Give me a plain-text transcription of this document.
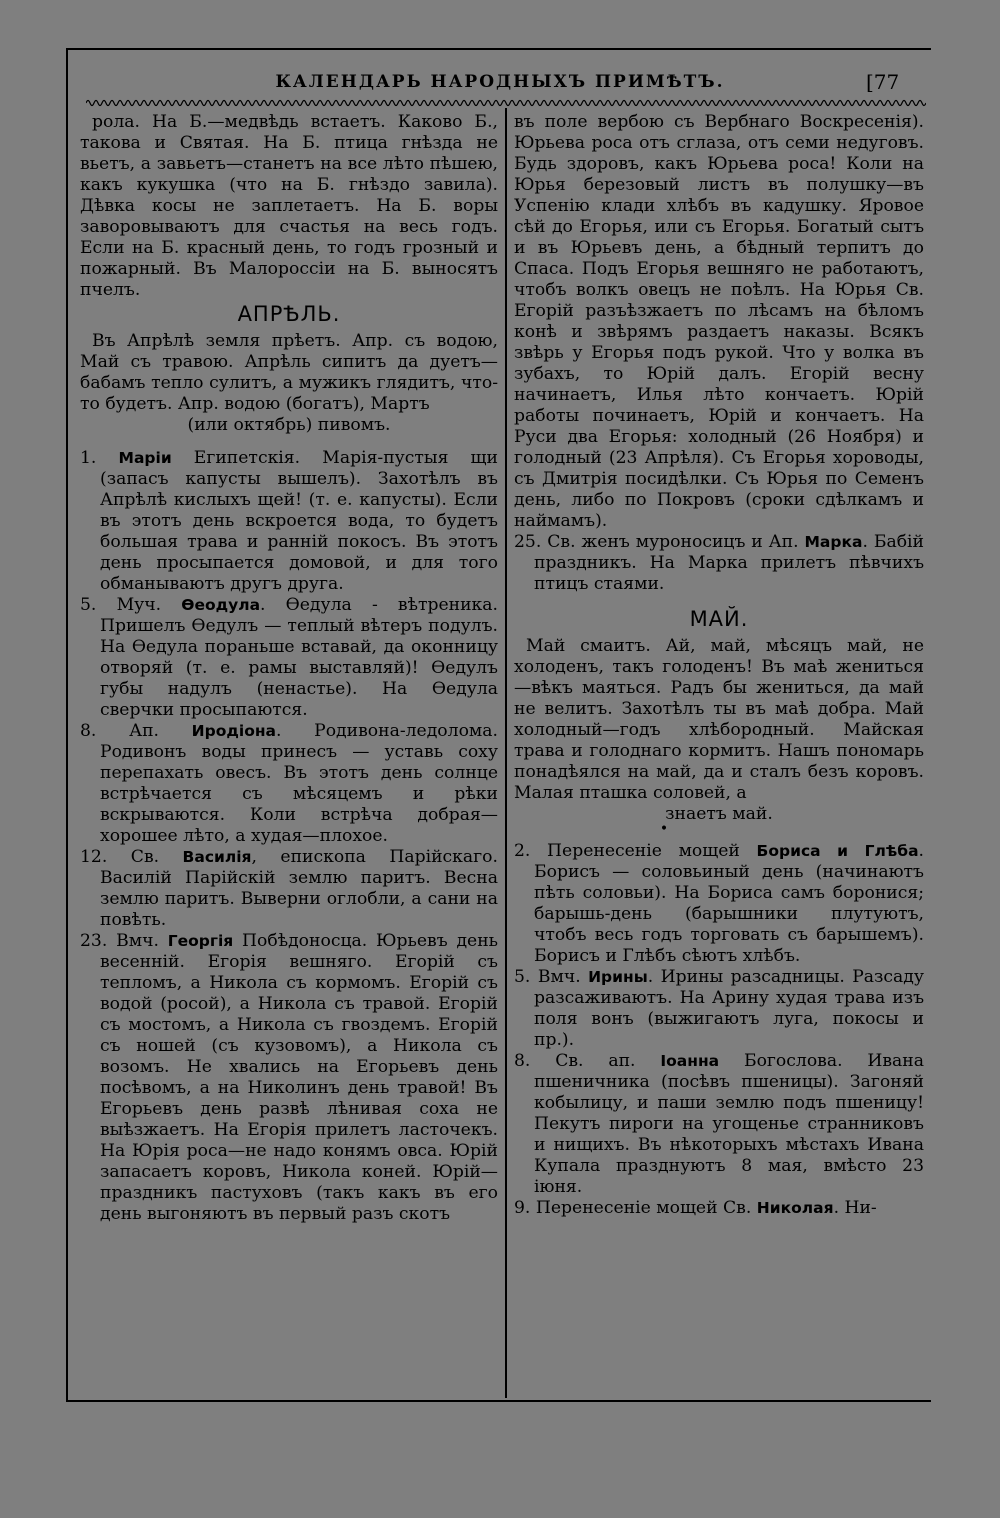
КАЛЕНДАРЬ НАРОДНЫХЪ ПРИМѢТЪ.	[77

рола. На Б.—медвѣдь встаетъ. Каково Б., такова и Святая. На Б. птица гнѣзда не вьетъ, а завьетъ—станетъ на все лѣто пѣшею, какъ кукушка (что на Б. гнѣздо завила). Дѣвка косы не заплетаетъ. На Б. воры заворовываютъ для счастья на весь годъ. Если на Б. красный день, то годъ грозный и пожарный. Въ Малороссіи на Б. выносятъ пчелъ.

АПРѢЛЬ.

Въ Апрѣлѣ земля прѣетъ. Апр. съ водою, Май съ травою. Апрѣль сипитъ да дуетъ—бабамъ тепло сулитъ, а мужикъ глядитъ, что-то будетъ. Апр. водою (богатъ), Мартъ

(или октябрь) пивомъ.

1. Маріи Египетскія. Марія-пустыя щи (запасъ капусты вышелъ). Захотѣлъ въ Апрѣлѣ кислыхъ щей! (т. е. капусты). Если въ этотъ день вскроется вода, то будетъ большая трава и раннiй покосъ. Въ этотъ день просыпается домовой, и для того обманываютъ другъ друга.

5. Муч. Ѳеодула. Ѳедула - вѣтреника. Пришелъ Ѳедулъ — теплый вѣтеръ подулъ. На Ѳедула пораньше вставай, да оконницу отворяй (т. е. рамы выставляй)! Ѳедулъ губы надулъ (ненастье). На Ѳедула сверчки просыпаются.

8. Ап. Иродіона. Родивона-ледолома. Родивонъ воды принесъ — уставь соху перепахать овесъ. Въ этотъ день солнце встрѣчается съ мѣсяцемъ и рѣки вскрываются. Коли встрѣча добрая—хорошее лѣто, а худая—плохое.

12. Св. Василія, епископа Парійскаго. Василій Парійскій землю паритъ. Весна землю паритъ. Выверни оглобли, а сани на повѣть.

23. Вмч. Георгія Побѣдоносца. Юрьевъ день весенній. Егорія вешняго. Егорій съ тепломъ, а Никола съ кормомъ. Егорій съ водой (росой), а Никола съ травой. Егорій съ мостомъ, а Никола съ гвоздемъ. Егорій съ ношей (съ кузовомъ), а Никола съ возомъ. Не хвались на Егорьевъ день посѣвомъ, а на Николинъ день травой! Въ Егорьевъ день развѣ лѣнивая соха не выѣзжаетъ. На Егорія прилетъ ласточекъ. На Юрія роса—не надо конямъ овса. Юрій запасаетъ коровъ, Никола коней. Юрій—праздникъ пастуховъ (такъ какъ въ его день выгоняютъ въ первый разъ скотъ

въ поле вербою съ Вербнаго Воскресенія). Юрьева роса отъ сглаза, отъ семи недуговъ. Будь здоровъ, какъ Юрьева роса! Коли на Юрья березовый листъ въ полушку—въ Успенію клади хлѣбъ въ кадушку. Яровое сѣй до Егорья, или съ Егорья. Богатый сытъ и въ Юрьевъ день, а бѣдный терпитъ до Спаса. Подъ Егорья вешняго не работаютъ, чтобъ волкъ овецъ не поѣлъ. На Юрья Св. Егорій разъѣзжаетъ по лѣсамъ на бѣломъ конѣ и звѣрямъ раздаетъ наказы. Всякъ звѣрь у Егорья подъ рукой. Что у волка въ зубахъ, то Юрій далъ. Егорій весну начинаетъ, Илья лѣто кончаетъ. Юрій работы починаетъ, Юрій и кончаетъ. На Руси два Егорья: холодный (26 Ноября) и голодный (23 Апрѣля). Съ Егорья хороводы, съ Дмитрія посидѣлки. Съ Юрья по Семенъ день, либо по Покровъ (сроки сдѣлкамъ и наймамъ).

25. Св. женъ муроносицъ и Ап. Марка. Бабій праздникъ. На Марка прилетъ пѣвчихъ птицъ стаями.

МАЙ.

Май смаитъ. Ай, май, мѣсяцъ май, не холоденъ, такъ голоденъ! Въ маѣ жениться—вѣкъ маяться. Радъ бы жениться, да май не велитъ. Захотѣлъ ты въ маѣ добра. Май холодный—годъ хлѣбородный. Майская трава и голоднаго кормитъ. Нашъ пономарь понадѣялся на май, да и сталъ безъ коровъ. Малая пташка соловей, а

знаетъ май.

•

2. Перенесеніе мощей Бориса и Глѣба. Борисъ — соловьиный день (начинаютъ пѣть соловьи). На Бориса самъ боронися; барышь-день (барышники плутуютъ, чтобъ весь годъ торговать съ барышемъ). Борисъ и Глѣбъ сѣютъ хлѣбъ.

5. Вмч. Ирины. Ирины разсадницы. Разсаду разсаживаютъ. На Арину худая трава изъ поля вонъ (выжигаютъ луга, покосы и пр.).

8. Св. ап. Іоанна Богослова. Ивана пшеничника (посѣвъ пшеницы). Загоняй кобылицу, и паши землю подъ пшеницу! Пекутъ пироги на угощенье странниковъ и нищихъ. Въ нѣкоторыхъ мѣстахъ Ивана Купала празднуютъ 8 мая, вмѣсто 23 іюня.

9. Перенесеніе мощей Св. Николая. Ни-
